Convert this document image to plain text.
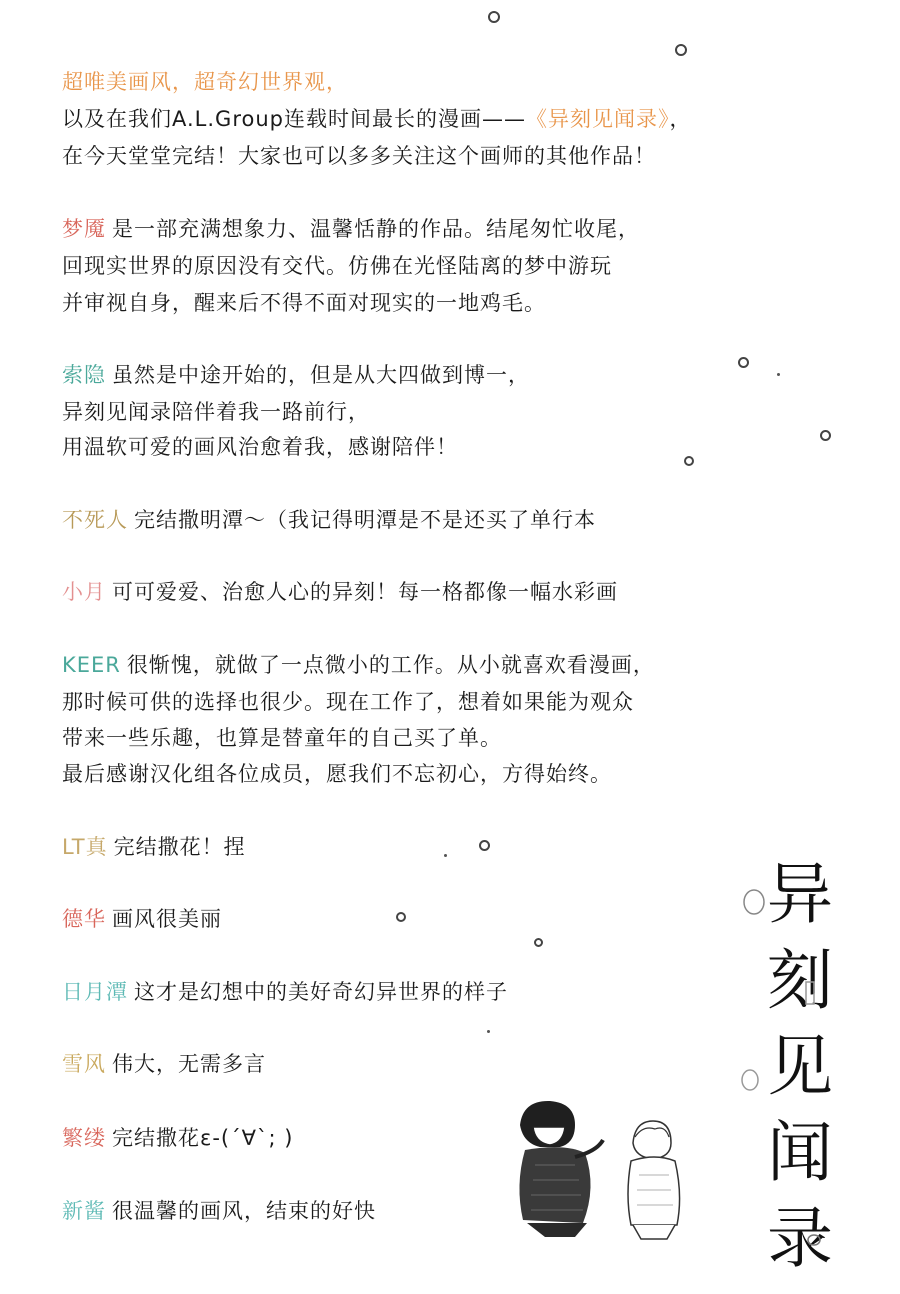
超唯美画风，超奇幻世界观，
以及在我们A.L.Group连载时间最长的漫画——《异刻见闻录》，
在今天堂堂完结！大家也可以多多关注这个画师的其他作品！
梦魇 是一部充满想象力、温馨恬静的作品。结尾匆忙收尾，
回现实世界的原因没有交代。仿佛在光怪陆离的梦中游玩
并审视自身，醒来后不得不面对现实的一地鸡毛。
索隐 虽然是中途开始的，但是从大四做到博一，
异刻见闻录陪伴着我一路前行，
用温软可爱的画风治愈着我，感谢陪伴！
不死人 完结撒明潭～（我记得明潭是不是还买了单行本
小月 可可爱爱、治愈人心的异刻！每一格都像一幅水彩画
KEER 很惭愧，就做了一点微小的工作。从小就喜欢看漫画，
那时候可供的选择也很少。现在工作了，想着如果能为观众
带来一些乐趣，也算是替童年的自己买了单。
最后感谢汉化组各位成员，愿我们不忘初心，方得始终。
LT真 完结撒花！捏
德华 画风很美丽
日月潭 这才是幻想中的美好奇幻异世界的样子
雪风 伟大，无需多言
繁缕 完结撒花ε-(´∀`; )
新酱 很温馨的画风，结束的好快
异
刻
见
闻
录
